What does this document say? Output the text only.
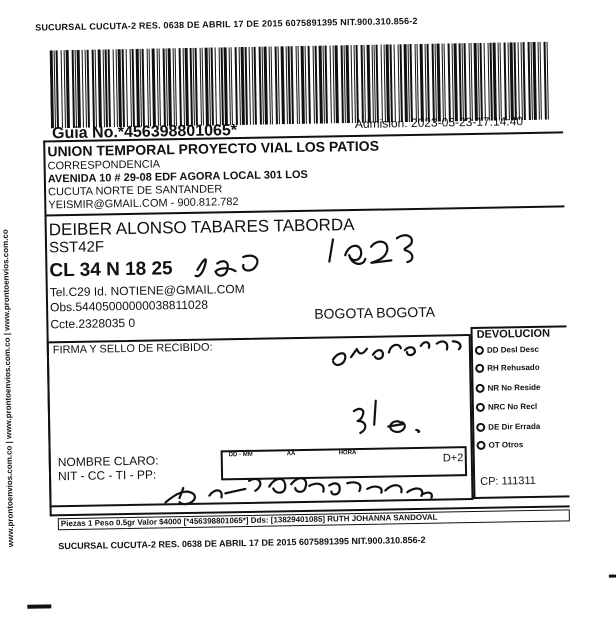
SUCURSAL CUCUTA-2 RES. 0638 DE ABRIL 17 DE 2015 6075891395 NIT.900.310.856-2
Guia No.*456398801065*	Admision: 2023-05-23-17:14:40
UNION TEMPORAL PROYECTO VIAL LOS PATIOS
CORRESPONDENCIA
AVENIDA 10 # 29-08 EDF AGORA LOCAL 301 LOS
CUCUTA NORTE DE SANTANDER
YEISMIR@GMAIL.COM - 900.812.782
DEIBER ALONSO TABARES TABORDA
SST42F
CL 34 N 18 25
Tel.C29 Id. NOTIENE@GMAIL.COM
Obs.54405000000038811028
Ccte.2328035 0
BOGOTA BOGOTA
FIRMA Y SELLO DE RECIBIDO:
NOMBRE CLARO:
NIT - CC - TI - PP:
DD - MM	AA	HORA	D+2
DEVOLUCION
DD Desl Desc
RH Rehusado
NR No Reside
NRC No Recl
DE Dir Errada
OT Otros
CP: 111311
Piezas 1 Peso 0.5gr Valor $4000 [*456398801065*] Dds: [13829401085] RUTH JOHANNA SANDOVAL
SUCURSAL CUCUTA-2 RES. 0638 DE ABRIL 17 DE 2015 6075891395 NIT.900.310.856-2
www.prontoenvios.com.co | www.prontoenvios.com.co | www.prontoenvios.com.co
